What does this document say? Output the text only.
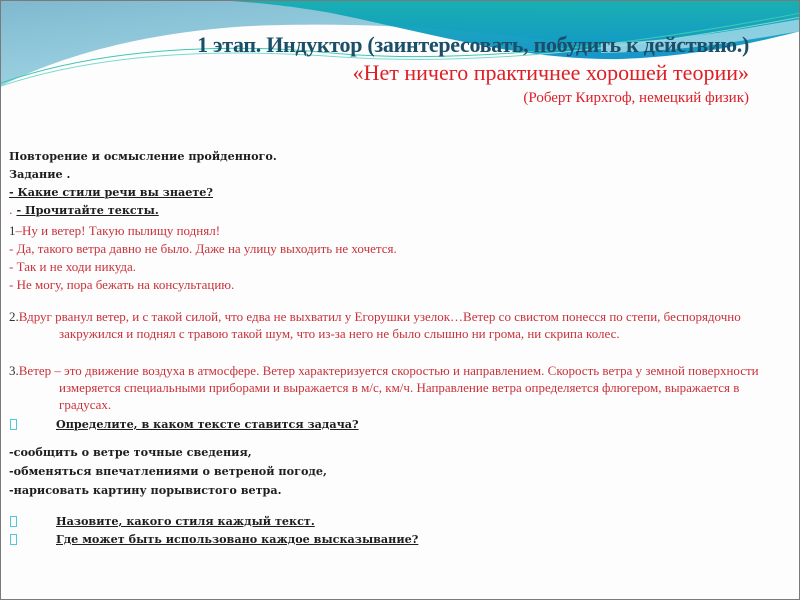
1 этап. Индуктор (заинтересовать, побудить к действию.)

«Нет ничего практичнее хорошей теории»

(Роберт Кирхгоф, немецкий физик)

Повторение и осмысление пройденного.

Задание .

- Какие стили речи вы знаете?

. - Прочитайте тексты.

1–Ну и ветер! Такую пылищу поднял!

- Да, такого ветра давно не было. Даже на улицу выходить не хочется.

- Так и не ходи никуда.

- Не могу, пора бежать на консультацию.

2.Вдруг рванул ветер, и с такой силой, что едва не выхватил у Егорушки узелок…Ветер со свистом понесся по степи, беспорядочно закружился и поднял с травою такой шум, что из-за него не было слышно ни грома, ни скрипа колес.

3.Ветер – это движение воздуха в атмосфере. Ветер характеризуется скоростью и направлением. Скорость ветра у земной поверхности измеряется специальными приборами и выражается в м/с, км/ч. Направление ветра определяется флюгером, выражается в градусах.

Определите, в каком тексте ставится задача?

-сообщить о ветре точные сведения,

-обменяться впечатлениями о ветреной погоде,

-нарисовать картину порывистого ветра.

Назовите, какого стиля каждый текст.
Где может быть использовано каждое высказывание?
